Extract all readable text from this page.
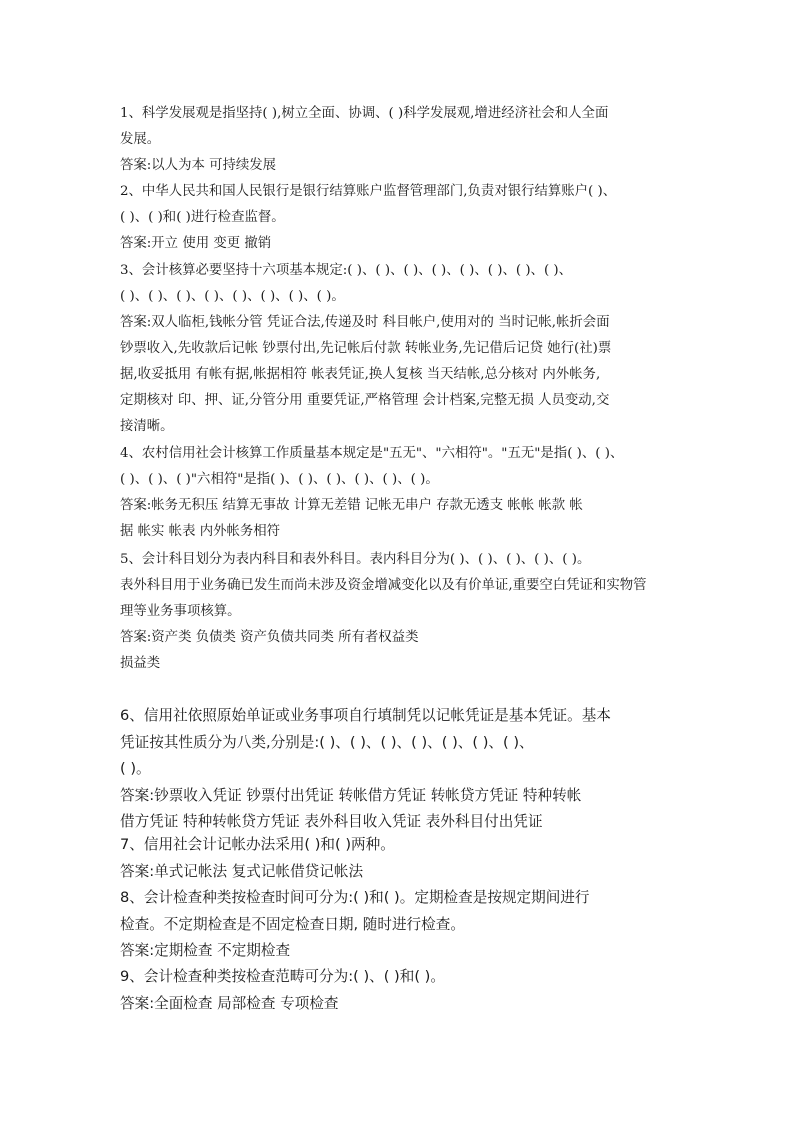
1、科学发展观是指坚持( ),树立全面、协调、( )科学发展观,增进经济社会和人全面
发展。
答案:以人为本 可持续发展
2、中华人民共和国人民银行是银行结算账户监督管理部门,负责对银行结算账户( )、
( )、( )和( )进行检查监督。
答案:开立 使用 变更 撤销
3、会计核算必要坚持十六项基本规定:( )、( )、( )、( )、( )、( )、( )、( )、
( )、( )、( )、( )、( )、( )、( )、( )。
答案:双人临柜,钱帐分管 凭证合法,传递及时 科目帐户,使用对的 当时记帐,帐折会面
钞票收入,先收款后记帐 钞票付出,先记帐后付款 转帐业务,先记借后记贷 她行(社)票
据,收妥抵用 有帐有据,帐据相符 帐表凭证,换人复核 当天结帐,总分核对 内外帐务,
定期核对 印、押、证,分管分用 重要凭证,严格管理 会计档案,完整无损 人员变动,交
接清晰。
4、农村信用社会计核算工作质量基本规定是"五无"、"六相符"。"五无"是指( )、( )、
( )、( )、( )"六相符"是指( )、( )、( )、( )、( )、( )。
答案:帐务无积压 结算无事故 计算无差错 记帐无串户 存款无透支 帐帐 帐款 帐
据 帐实 帐表 内外帐务相符
5、会计科目划分为表内科目和表外科目。表内科目分为( )、( )、( )、( )、( )。
表外科目用于业务确已发生而尚未涉及资金增减变化以及有价单证,重要空白凭证和实物管
理等业务事项核算。
答案:资产类 负债类 资产负债共同类 所有者权益类
损益类
6、信用社依照原始单证或业务事项自行填制凭以记帐凭证是基本凭证。基本
凭证按其性质分为八类,分别是:( )、( )、( )、( )、( )、( )、( )、
( )。
答案:钞票收入凭证 钞票付出凭证 转帐借方凭证 转帐贷方凭证 特种转帐
借方凭证 特种转帐贷方凭证 表外科目收入凭证 表外科目付出凭证
7、信用社会计记帐办法采用( )和( )两种。
答案:单式记帐法 复式记帐借贷记帐法
8、会计检查种类按检查时间可分为:( )和( )。定期检查是按规定期间进行
检查。不定期检查是不固定检查日期, 随时进行检查。
答案:定期检查 不定期检查
9、会计检查种类按检查范畴可分为:( )、( )和( )。
答案:全面检查 局部检查 专项检查
